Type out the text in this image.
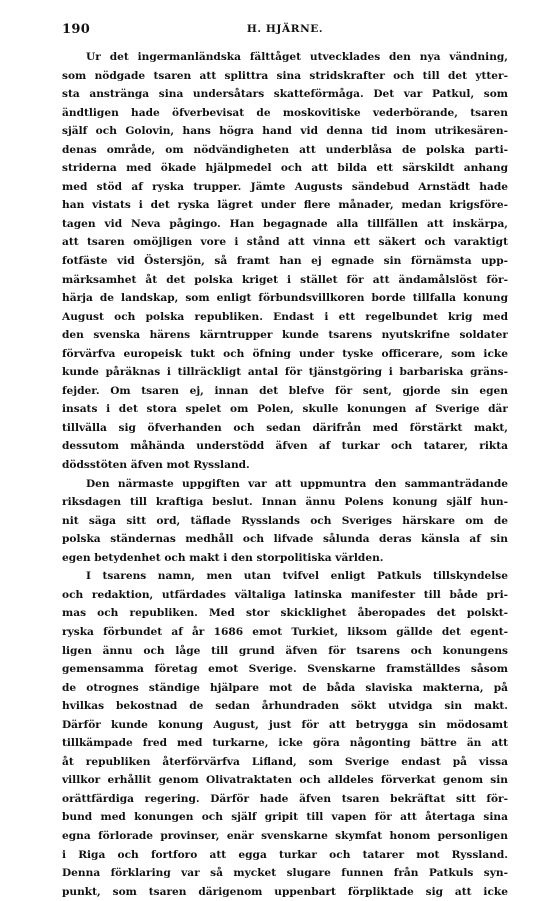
190	H. HJÄRNE.
Ur det ingermanländska fälttåget utvecklades den nya vändning,
som nödgade tsaren att splittra sina stridskrafter och till det ytter-
sta anstränga sina undersåtars skatteförmåga. Det var Patkul, som
ändtligen hade öfverbevisat de moskovitiske vederbörande, tsaren
själf och Golovin, hans högra hand vid denna tid inom utrikesären-
denas område, om nödvändigheten att underblåsa de polska parti-
striderna med ökade hjälpmedel och att bilda ett särskildt anhang
med stöd af ryska trupper. Jämte Augusts sändebud Arnstädt hade
han vistats i det ryska lägret under flere månader, medan krigsföre-
tagen vid Neva pågingo. Han begagnade alla tillfällen att inskärpa,
att tsaren omöjligen vore i stånd att vinna ett säkert och varaktigt
fotfäste vid Östersjön, så framt han ej egnade sin förnämsta upp-
märksamhet åt det polska kriget i stället för att ändamålslöst för-
härja de landskap, som enligt förbundsvillkoren borde tillfalla konung
August och polska republiken. Endast i ett regelbundet krig med
den svenska härens kärntrupper kunde tsarens nyutskrifne soldater
förvärfva europeisk tukt och öfning under tyske officerare, som icke
kunde påräknas i tillräckligt antal för tjänstgöring i barbariska gräns-
fejder. Om tsaren ej, innan det blefve för sent, gjorde sin egen
insats i det stora spelet om Polen, skulle konungen af Sverige där
tillvälla sig öfverhanden och sedan därifrån med förstärkt makt,
dessutom måhända understödd äfven af turkar och tatarer, rikta
dödsstöten äfven mot Ryssland.
Den närmaste uppgiften var att uppmuntra den sammanträdande
riksdagen till kraftiga beslut. Innan ännu Polens konung själf hun-
nit säga sitt ord, täflade Rysslands och Sveriges härskare om de
polska ständernas medhåll och lifvade sålunda deras känsla af sin
egen betydenhet och makt i den storpolitiska världen.
I tsarens namn, men utan tvifvel enligt Patkuls tillskyndelse
och redaktion, utfärdades vältaliga latinska manifester till både pri-
mas och republiken. Med stor skicklighet åberopades det polskt-
ryska förbundet af år 1686 emot Turkiet, liksom gällde det egent-
ligen ännu och låge till grund äfven för tsarens och konungens
gemensamma företag emot Sverige. Svenskarne framställdes såsom
de otrognes ständige hjälpare mot de båda slaviska makterna, på
hvilkas bekostnad de sedan århundraden sökt utvidga sin makt.
Därför kunde konung August, just för att betrygga sin mödosamt
tillkämpade fred med turkarne, icke göra någonting bättre än att
åt republiken återförvärfva Lifland, som Sverige endast på vissa
villkor erhållit genom Olivatraktaten och alldeles förverkat genom sin
orättfärdiga regering. Därför hade äfven tsaren bekräftat sitt för-
bund med konungen och själf gripit till vapen för att återtaga sina
egna förlorade provinser, enär svenskarne skymfat honom personligen
i Riga och fortforo att egga turkar och tatarer mot Ryssland.
Denna förklaring var så mycket slugare funnen från Patkuls syn-
punkt, som tsaren därigenom uppenbart förpliktade sig att icke
